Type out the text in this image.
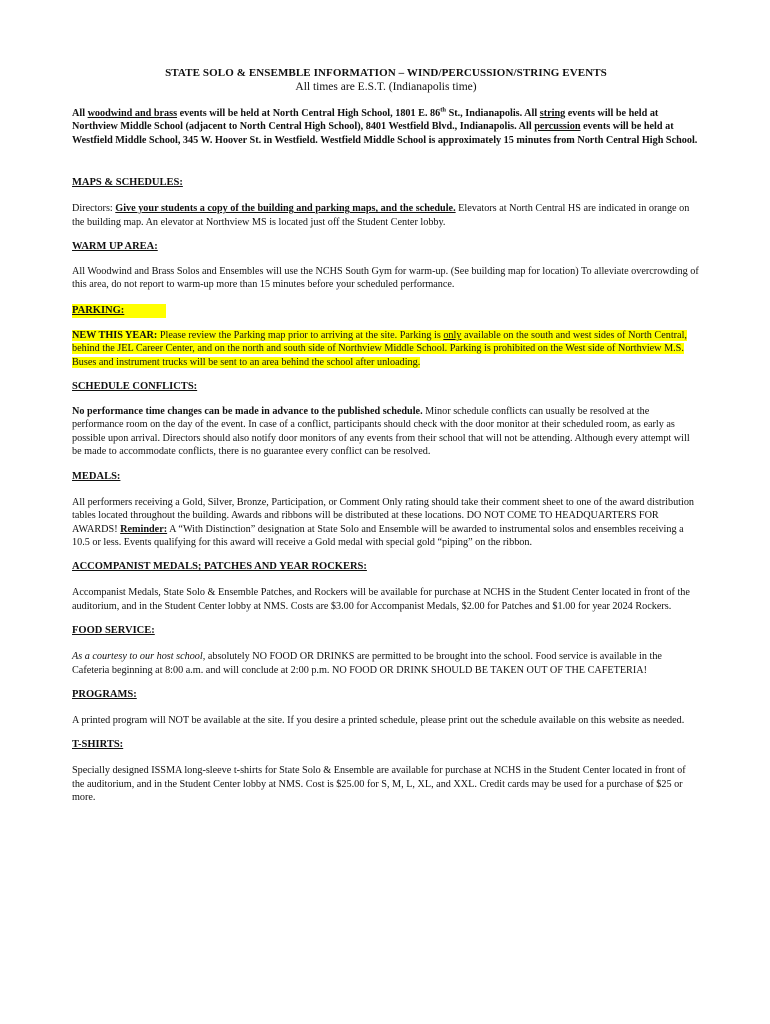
STATE SOLO & ENSEMBLE INFORMATION – WIND/PERCUSSION/STRING EVENTS

All times are E.S.T. (Indianapolis time)

All woodwind and brass events will be held at North Central High School, 1801 E. 86th St., Indianapolis. All string events will be held at Northview Middle School (adjacent to North Central High School), 8401 Westfield Blvd., Indianapolis. All percussion events will be held at Westfield Middle School, 345 W. Hoover St. in Westfield. Westfield Middle School is approximately 15 minutes from North Central High School.

MAPS & SCHEDULES:

Directors: Give your students a copy of the building and parking maps, and the schedule. Elevators at North Central HS are indicated in orange on the building map. An elevator at Northview MS is located just off the Student Center lobby.

WARM UP AREA:

All Woodwind and Brass Solos and Ensembles will use the NCHS South Gym for warm-up. (See building map for location) To alleviate overcrowding of this area, do not report to warm-up more than 15 minutes before your scheduled performance.

PARKING:

NEW THIS YEAR: Please review the Parking map prior to arriving at the site. Parking is only available on the south and west sides of North Central, behind the JEL Career Center, and on the north and south side of Northview Middle School. Parking is prohibited on the West side of Northview M.S. Buses and instrument trucks will be sent to an area behind the school after unloading.

SCHEDULE CONFLICTS:

No performance time changes can be made in advance to the published schedule. Minor schedule conflicts can usually be resolved at the performance room on the day of the event. In case of a conflict, participants should check with the door monitor at their scheduled room, as early as possible upon arrival. Directors should also notify door monitors of any events from their school that will not be attending. Although every attempt will be made to accommodate conflicts, there is no guarantee every conflict can be resolved.

MEDALS:

All performers receiving a Gold, Silver, Bronze, Participation, or Comment Only rating should take their comment sheet to one of the award distribution tables located throughout the building. Awards and ribbons will be distributed at these locations. DO NOT COME TO HEADQUARTERS FOR AWARDS! Reminder: A “With Distinction” designation at State Solo and Ensemble will be awarded to instrumental solos and ensembles receiving a 10.5 or less. Events qualifying for this award will receive a Gold medal with special gold “piping” on the ribbon.

ACCOMPANIST MEDALS; PATCHES AND YEAR ROCKERS:

Accompanist Medals, State Solo & Ensemble Patches, and Rockers will be available for purchase at NCHS in the Student Center located in front of the auditorium, and in the Student Center lobby at NMS. Costs are $3.00 for Accompanist Medals, $2.00 for Patches and $1.00 for year 2024 Rockers.

FOOD SERVICE:

As a courtesy to our host school, absolutely NO FOOD OR DRINKS are permitted to be brought into the school. Food service is available in the Cafeteria beginning at 8:00 a.m. and will conclude at 2:00 p.m. NO FOOD OR DRINK SHOULD BE TAKEN OUT OF THE CAFETERIA!

PROGRAMS:

A printed program will NOT be available at the site. If you desire a printed schedule, please print out the schedule available on this website as needed.

T-SHIRTS:

Specially designed ISSMA long-sleeve t-shirts for State Solo & Ensemble are available for purchase at NCHS in the Student Center located in front of the auditorium, and in the Student Center lobby at NMS. Cost is $25.00 for S, M, L, XL, and XXL. Credit cards may be used for a purchase of $25 or more.
